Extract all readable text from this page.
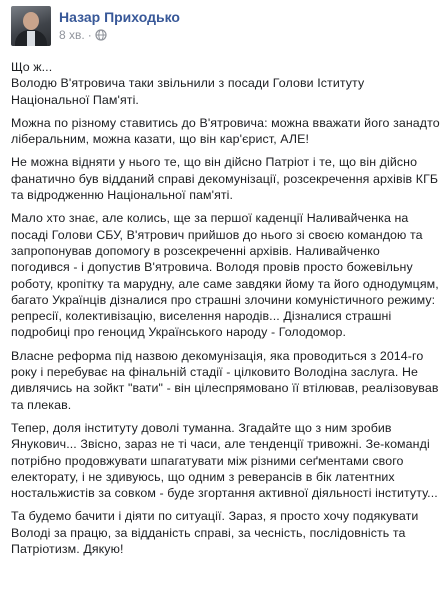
Назар Приходько
8 хв. ·

Що ж...
Володю В'ятровича таки звільнили з посади Голови Іституту Національної Пам'яті.

Можна по різному ставитись до В'ятровича: можна вважати його занадто ліберальним, можна казати, що він кар'єрист, АЛЕ!

Не можна відняти у нього те, що він дійсно Патріот і те, що він дійсно фанатично був відданий справі декомунізації, розсекречення архівів КГБ та відродженню Національної пам'яті.

Мало хто знає, але колись, ще за першої каденції Наливайченка на посаді Голови СБУ, В'ятрович прийшов до нього зі своєю командою та запропонував допомогу в розсекреченні архівів. Наливайченко погодився - і допустив В'ятровича. Володя провів просто божевільну роботу, кропітку та марудну, але саме завдяки йому та його однодумцям, багато Українців дізналися про страшні злочини комуністичного режиму: репресії, колективізацію, виселення народів... Дізналися страшні подробиці про геноцид Українського народу - Голодомор.

Власне реформа під назвою декомунізація, яка проводиться з 2014-го року і перебуває на фінальній стадії - цілковито Володіна заслуга. Не дивлячись на зойкт "вати" - він цілеспрямовано її втілював, реалізовував та плекав.

Тепер, доля інституту доволі туманна. Згадайте що з ним зробив Янукович... Звісно, зараз не ті часи, але тенденції тривожні. Зе-команді потрібно продовжувати шпагатувати між різними сеґментами свого електорату, і не здивуюсь, що одним з реверансів в бік латентних ностальжистів за совком - буде згортання активної діяльності інституту...

Та будемо бачити і діяти по ситуації. Зараз, я просто хочу подякувати Володі за працю, за відданість справі, за чесність, послідовність та Патріотизм. Дякую!
